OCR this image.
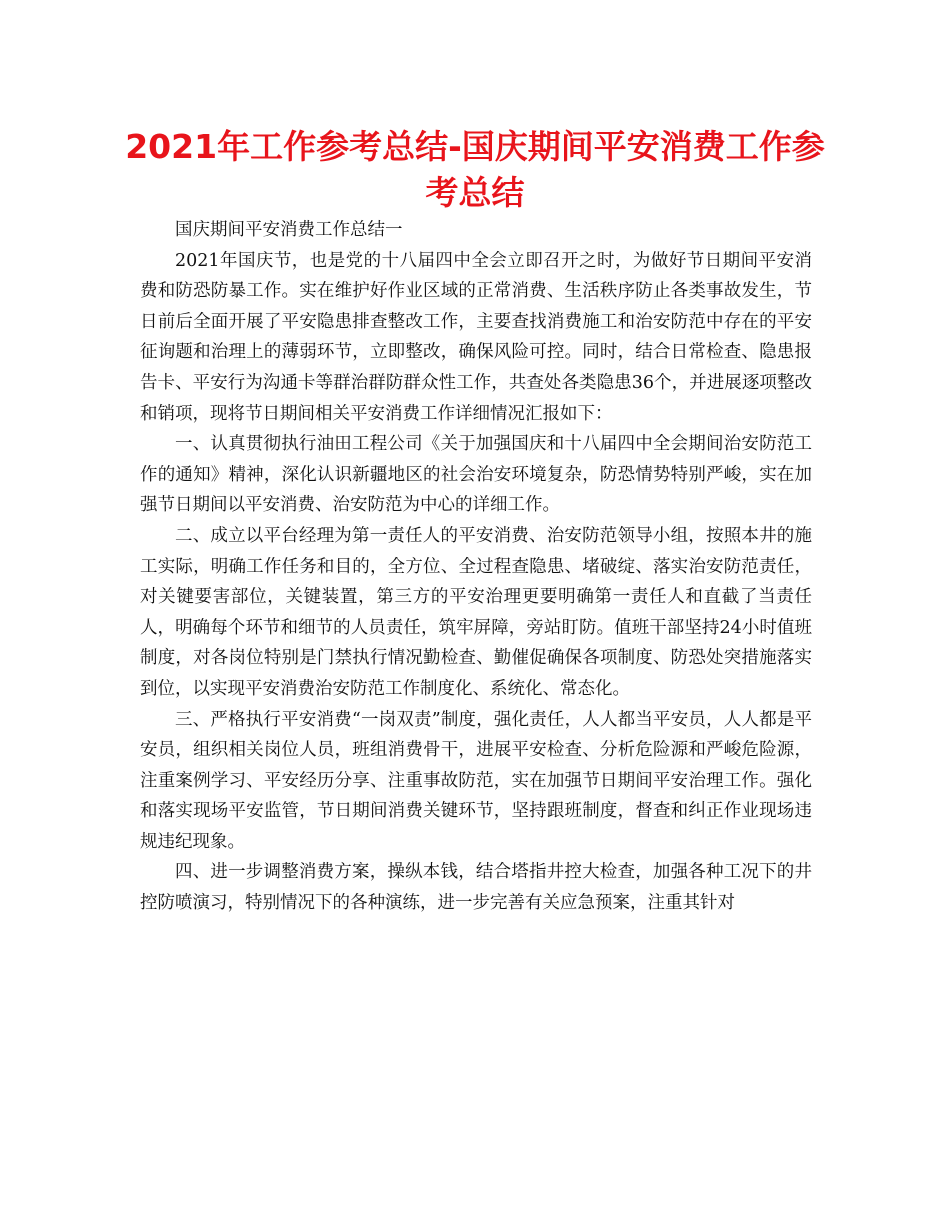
2021年工作参考总结-国庆期间平安消费工作参考总结

国庆期间平安消费工作总结一

2021年国庆节，也是党的十八届四中全会立即召开之时，为做好节日期间平安消费和防恐防暴工作。实在维护好作业区域的正常消费、生活秩序防止各类事故发生，节日前后全面开展了平安隐患排查整改工作，主要查找消费施工和治安防范中存在的平安征询题和治理上的薄弱环节，立即整改，确保风险可控。同时，结合日常检查、隐患报告卡、平安行为沟通卡等群治群防群众性工作，共查处各类隐患36个，并进展逐项整改和销项，现将节日期间相关平安消费工作详细情况汇报如下：

一、认真贯彻执行油田工程公司《关于加强国庆和十八届四中全会期间治安防范工作的通知》精神，深化认识新疆地区的社会治安环境复杂，防恐情势特别严峻，实在加强节日期间以平安消费、治安防范为中心的详细工作。

二、成立以平台经理为第一责任人的平安消费、治安防范领导小组，按照本井的施工实际，明确工作任务和目的，全方位、全过程查隐患、堵破绽、落实治安防范责任，对关键要害部位，关键装置，第三方的平安治理更要明确第一责任人和直截了当责任人，明确每个环节和细节的人员责任，筑牢屏障，旁站盯防。值班干部坚持24小时值班制度，对各岗位特别是门禁执行情况勤检查、勤催促确保各项制度、防恐处突措施落实到位，以实现平安消费治安防范工作制度化、系统化、常态化。

三、严格执行平安消费“一岗双责”制度，强化责任，人人都当平安员，人人都是平安员，组织相关岗位人员，班组消费骨干，进展平安检查、分析危险源和严峻危险源，注重案例学习、平安经历分享、注重事故防范，实在加强节日期间平安治理工作。强化和落实现场平安监管，节日期间消费关键环节，坚持跟班制度，督查和纠正作业现场违规违纪现象。

四、进一步调整消费方案，操纵本钱，结合塔指井控大检查，加强各种工况下的井控防喷演习，特别情况下的各种演练，进一步完善有关应急预案，注重其针对
